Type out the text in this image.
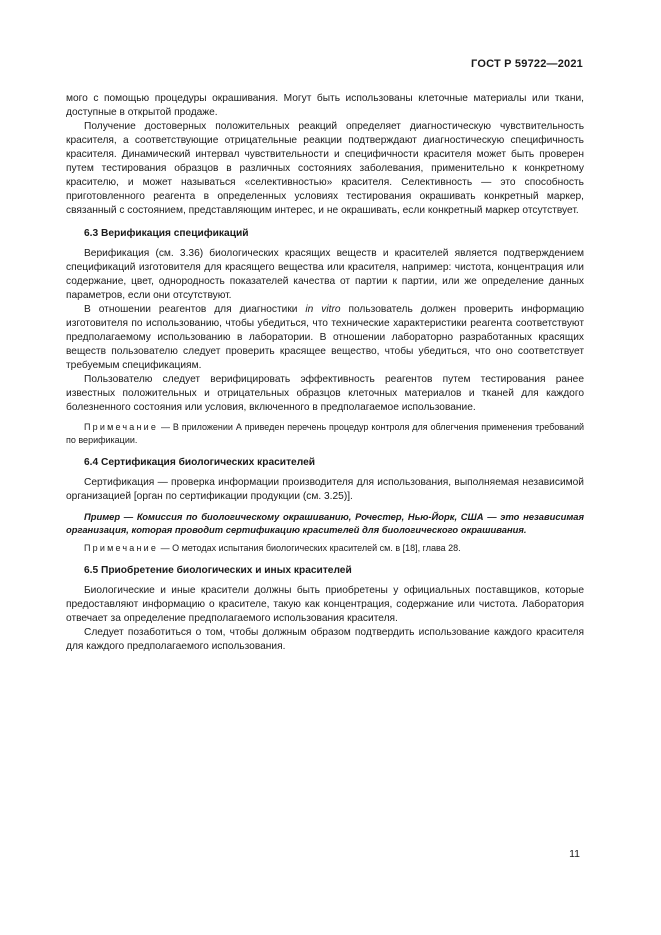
ГОСТ Р 59722—2021

мого с помощью процедуры окрашивания. Могут быть использованы клеточные материалы или ткани, доступные в открытой продаже.

Получение достоверных положительных реакций определяет диагностическую чувствительность красителя, а соответствующие отрицательные реакции подтверждают диагностическую специфичность красителя. Динамический интервал чувствительности и специфичности красителя может быть проверен путем тестирования образцов в различных состояниях заболевания, применительно к конкретному красителю, и может называться «селективностью» красителя. Селективность — это способность приготовленного реагента в определенных условиях тестирования окрашивать конкретный маркер, связанный с состоянием, представляющим интерес, и не окрашивать, если конкретный маркер отсутствует.

6.3 Верификация спецификаций

Верификация (см. 3.36) биологических красящих веществ и красителей является подтверждением спецификаций изготовителя для красящего вещества или красителя, например: чистота, концентрация или содержание, цвет, однородность показателей качества от партии к партии, или же определение данных параметров, если они отсутствуют.

В отношении реагентов для диагностики in vitro пользователь должен проверить информацию изготовителя по использованию, чтобы убедиться, что технические характеристики реагента соответствуют предполагаемому использованию в лаборатории. В отношении лабораторно разработанных красящих веществ пользователю следует проверить красящее вещество, чтобы убедиться, что оно соответствует требуемым спецификациям.

Пользователю следует верифицировать эффективность реагентов путем тестирования ранее известных положительных и отрицательных образцов клеточных материалов и тканей для каждого болезненного состояния или условия, включенного в предполагаемое использование.

Примечание — В приложении А приведен перечень процедур контроля для облегчения применения требований по верификации.

6.4 Сертификация биологических красителей

Сертификация — проверка информации производителя для использования, выполняемая независимой организацией [орган по сертификации продукции (см. 3.25)].

Пример — Комиссия по биологическому окрашиванию, Рочестер, Нью-Йорк, США — это независимая организация, которая проводит сертификацию красителей для биологического окрашивания.

Примечание — О методах испытания биологических красителей см. в [18], глава 28.

6.5 Приобретение биологических и иных красителей

Биологические и иные красители должны быть приобретены у официальных поставщиков, которые предоставляют информацию о красителе, такую как концентрация, содержание или чистота. Лаборатория отвечает за определение предполагаемого использования красителя.

Следует позаботиться о том, чтобы должным образом подтвердить использование каждого красителя для каждого предполагаемого использования.

11
